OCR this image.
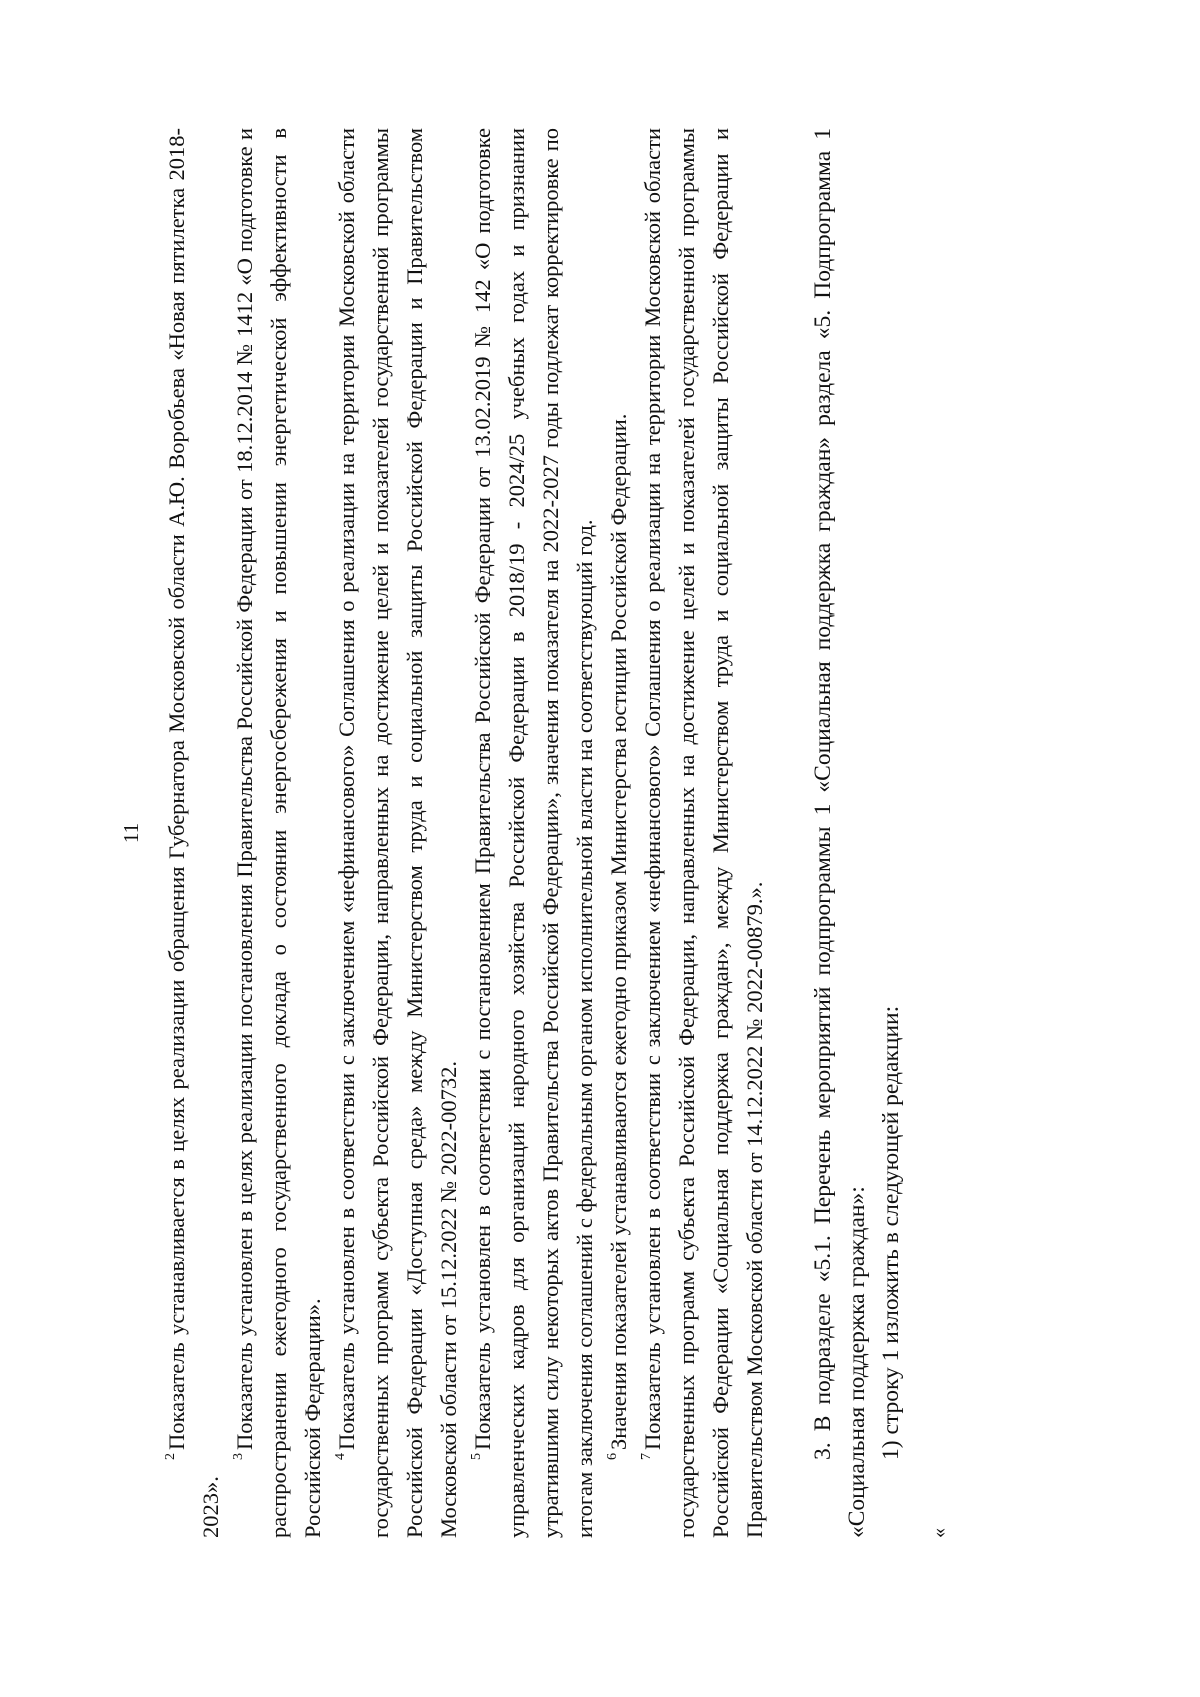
11

$^2$Показатель устанавливается в целях реализации обращения Губернатора Московской области А.Ю. Воробьева «Новая пятилетка 2018-2023».

$^3$Показатель установлен в целях реализации постановления Правительства Российской Федерации от 18.12.2014 № 1412 «О подготовке и распространении ежегодного государственного доклада о состоянии энергосбережения и повышении энергетической эффективности в Российской Федерации». $^4$Показатель установлен в соответствии с заключением «нефинансового» Соглашения о реализации на территории Московской области государственных программ субъекта Российской Федерации, направленных на достижение целей и показателей государственной программы Российской Федерации «Доступная среда» между Министерством труда и социальной защиты Российской Федерации и Правительством Московской области от 15.12.2022 № 2022-00732. $^5$Показатель установлен в соответствии с постановлением Правительства Российской Федерации от 13.02.2019 № 142 «О подготовке управленческих кадров для организаций народного хозяйства Российской Федерации в 2018/19 - 2024/25 учебных годах и признании утратившими силу некоторых актов Правительства Российской Федерации», значения показателя на 2022-2027 годы подлежат корректировке по итогам заключения соглашений с федеральным органом исполнительной власти на соответствующий год. $^6$Значения показателей устанавливаются ежегодно приказом Министерства юстиции Российской Федерации.

$^7$Показатель установлен в соответствии с заключением «нефинансового» Соглашения о реализации на территории Московской области государственных программ субъекта Российской Федерации, направленных на достижение целей и показателей государственной программы Российской Федерации «Социальная поддержка граждан», между Министерством труда и социальной защиты Российской Федерации и Правительством Московской области от 14.12.2022 № 2022-00879.». 3. В подразделе «5.1. Перечень мероприятий подпрограммы 1 «Социальная поддержка граждан» раздела «5. Подпрограмма 1 «Социальная поддержка граждан»: 1) строку 1 изложить в следующей редакции:

«
